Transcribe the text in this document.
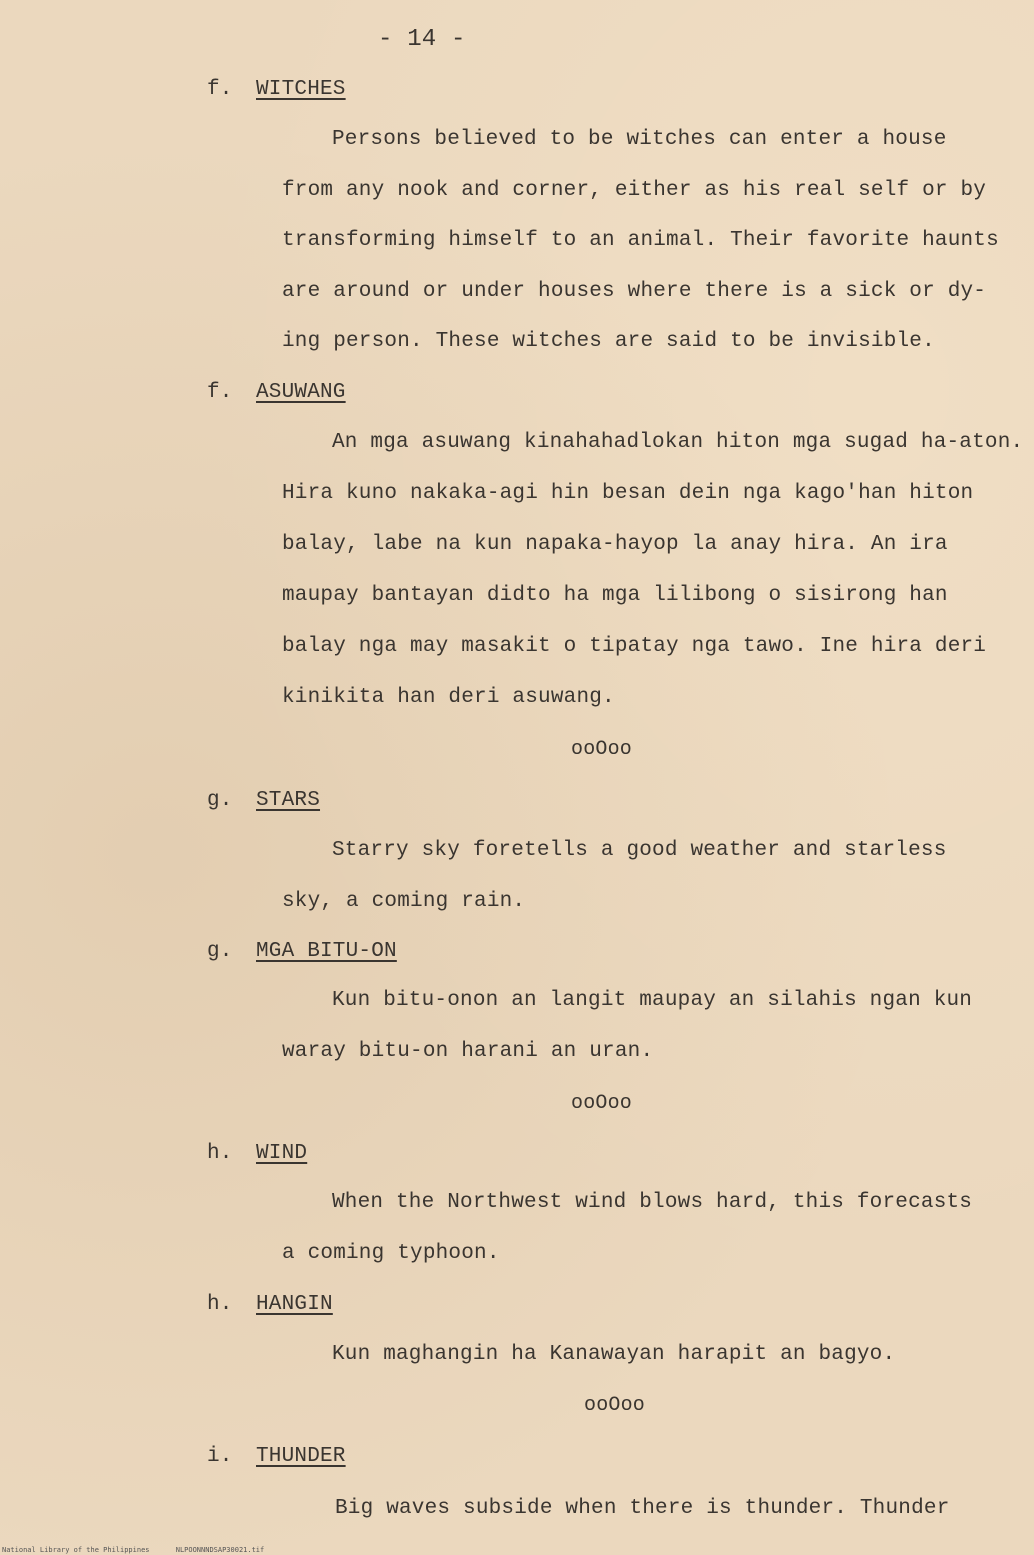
- 14 -
f. WITCHES
Persons believed to be witches can enter a house
from any nook and corner, either as his real self or by
transforming himself to an animal. Their favorite haunts
are around or under houses where there is a sick or dy-
ing person. These witches are said to be invisible.
f. ASUWANG
An mga asuwang kinahahadlokan hiton mga sugad ha-aton.
Hira kuno nakaka-agi hin besan dein nga kago'han hiton
balay, labe na kun napaka-hayop la anay hira. An ira
maupay bantayan didto ha mga lilibong o sisirong han
balay nga may masakit o tipatay nga tawo. Ine hira deri
kinikita han deri asuwang.
ooOoo
g. STARS
Starry sky foretells a good weather and starless
sky, a coming rain.
g. MGA BITU-ON
Kun bitu-onon an langit maupay an silahis ngan kun
waray bitu-on harani an uran.
ooOoo
h. WIND
When the Northwest wind blows hard, this forecasts
a coming typhoon.
h. HANGIN
Kun maghangin ha Kanawayan harapit an bagyo.
ooOoo
i. THUNDER
Big waves subside when there is thunder. Thunder
National Library of the Philippines	NLPOONNNDSAP30021.tif
